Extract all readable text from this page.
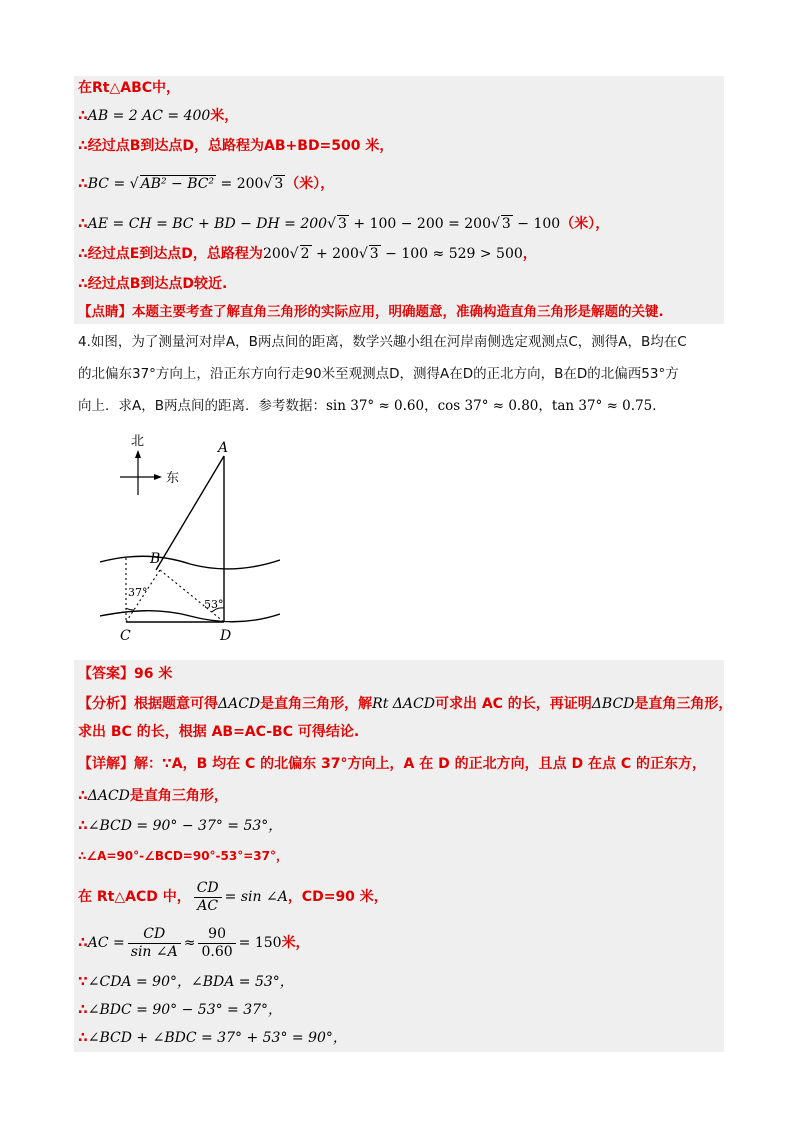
在Rt△ABC中，
∴AB = 2 AC = 400米，
∴经过点B到达点D，总路程为AB+BD=500 米，
∴BC = √ AB² − BC² = 200√ 3 （米），
∴AE = CH = BC + BD − DH = 200√ 3 + 100 − 200 = 200√ 3 − 100（米），
∴经过点E到达点D，总路程为200√ 2 + 200√ 3 − 100 ≈ 529 > 500，
∴经过点B到达点D较近.
【点睛】本题主要考查了解直角三角形的实际应用，明确题意，准确构造直角三角形是解题的关键.
4.如图，为了测量河对岸A，B两点间的距离，数学兴趣小组在河岸南侧选定观测点C，测得A，B均在C
的北偏东37°方向上，沿正东方向行走90米至观测点D，测得A在D的正北方向，B在D的北偏西53°方
向上．求A，B两点间的距离．参考数据：sin 37° ≈ 0.60，cos 37° ≈ 0.80，tan 37° ≈ 0.75．
北
东
A
B
C	D
37°
53°
【答案】96 米
【分析】根据题意可得ΔACD是直角三角形，解Rt ΔACD可求出 AC 的长，再证明ΔBCD是直角三角形，
求出 BC 的长，根据 AB=AC-BC 可得结论.
【详解】解：∵A，B 均在 C 的北偏东 37°方向上，A 在 D 的正北方向，且点 D 在点 C 的正东方，
∴ΔACD是直角三角形，
∴∠BCD = 90° − 37° = 53°，
∴∠A=90°-∠BCD=90°-53°=37°，
在 Rt△ACD 中， $\frac{CD}{AC} = \sin$ ∠A，CD=90 米，
∴AC = $\frac{CD}{\sin \angle A} \approx \frac{90}{0.60} = 150$米，
∵∠CDA = 90°，∠BDA = 53°，
∴∠BDC = 90° − 53° = 37°，
∴∠BCD + ∠BDC = 37° + 53° = 90°，
